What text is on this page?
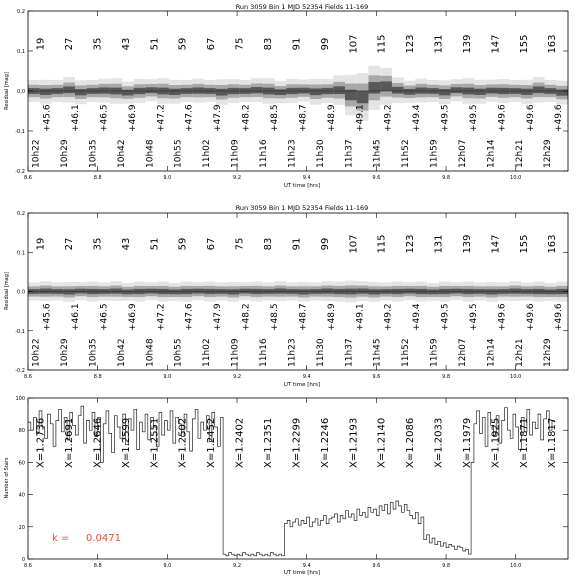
Run 3059 Bin 1 MJD 52354 Fields 11-169
8.6	8.8	9.0	9.2	9.4	9.6	9.8	10.0
-0.2
-0.1
0.0
0.1
0.2
19 27 35 43 51 59 67 75 83 91 99 107 115 123 131 139 147 155 163
10h22
+45.6
10h29
+46.1
10h35
+46.5
10h42
+46.9
10h48
+47.2
10h55
+47.6
11h02
+47.9
11h09
+48.2
11h16
+48.5
11h23
+48.7
11h30
+48.9
11h37
+49.1
11h45
+49.2
11h52
+49.4
11h59
+49.5
12h07
+49.5
12h14
+49.6
12h21
+49.6
12h29
+49.6
Residual [mag]
UT time [hrs]
Run 3059 Bin 1 MJD 52354 Fields 11-169
8.6	8.8	9.0	9.2	9.4	9.6	9.8	10.0
-0.2
-0.1
0.0
0.1
0.2
19 27 35 43 51 59 67 75 83 91 99 107 115 123 131 139 147 155 163
10h22
+45.6
10h29
+46.1
10h35
+46.5
10h42
+46.9
10h48
+47.2
10h55
+47.6
11h02
+47.9
11h09
+48.2
11h16
+48.5
11h23
+48.7
11h30
+48.9
11h37
+49.1
11h45
+49.2
11h52
+49.4
11h59
+49.5
12h07
+49.5
12h14
+49.6
12h21
+49.6
12h29
+49.6
Residual [mag]
UT time [hrs]
8.6	8.8	9.0	9.2	9.4	9.6	9.8	10.0
0
20
40
60
80
100
X=1.2736 X=1.2691 X=1.2646 X=1.2599 X=1.2551 X=1.2502 X=1.2452 X=1.2402 X=1.2351 X=1.2299 X=1.2246 X=1.2193 X=1.2140 X=1.2086 X=1.2033 X=1.1979 X=1.1925 X=1.1871 X=1.1817
k = 0.0471
Number of Stars
UT time [hrs]
